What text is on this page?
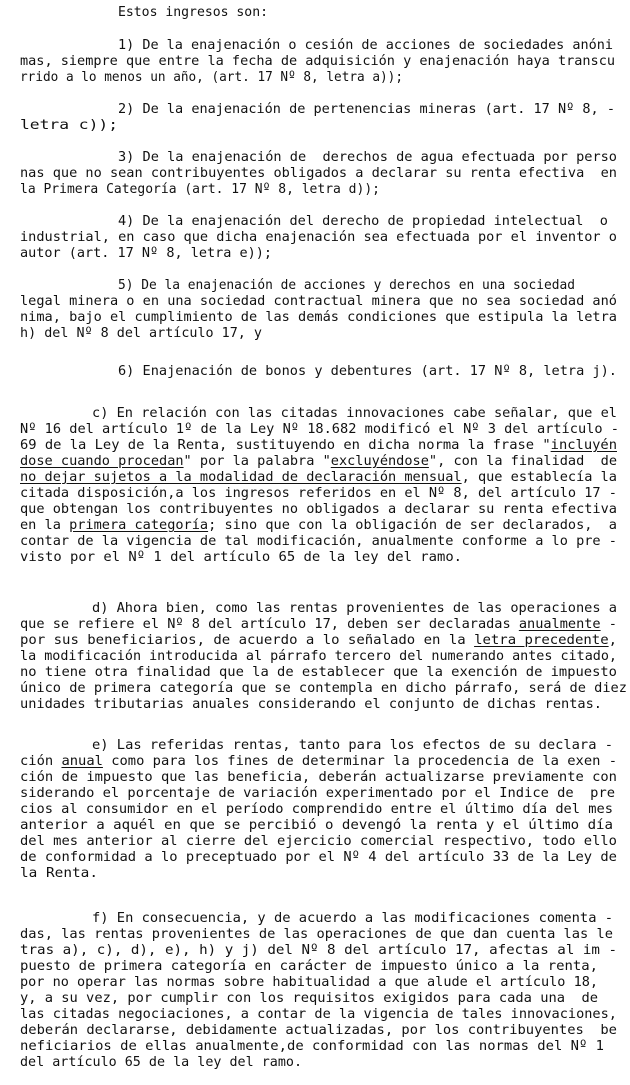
Estos ingresos son:
1) De la enajenación o cesión de acciones de sociedades anóni
mas, siempre que entre la fecha de adquisición y enajenación haya transcu
rrido a lo menos un año, (art. 17 Nº 8, letra a));
2) De la enajenación de pertenencias mineras (art. 17 Nº 8, -
letra c));
3) De la enajenación de  derechos de agua efectuada por perso
nas que no sean contribuyentes obligados a declarar su renta efectiva  en
la Primera Categoría (art. 17 Nº 8, letra d));
4) De la enajenación del derecho de propiedad intelectual  o
industrial, en caso que dicha enajenación sea efectuada por el inventor o
autor (art. 17 Nº 8, letra e));
5) De la enajenación de acciones y derechos en una sociedad
legal minera o en una sociedad contractual minera que no sea sociedad anó
nima, bajo el cumplimiento de las demás condiciones que estipula la letra
h) del Nº 8 del artículo 17, y
6) Enajenación de bonos y debentures (art. 17 Nº 8, letra j).
c) En relación con las citadas innovaciones cabe señalar, que el
Nº 16 del artículo 1º de la Ley Nº 18.682 modificó el Nº 3 del artículo -
69 de la Ley de la Renta, sustituyendo en dicha norma la frase "incluyén
dose cuando procedan" por la palabra "excluyéndose", con la finalidad  de
no dejar sujetos a la modalidad de declaración mensual, que establecía la
citada disposición,a los ingresos referidos en el Nº 8, del artículo 17 -
que obtengan los contribuyentes no obligados a declarar su renta efectiva
en la primera categoría; sino que con la obligación de ser declarados,  a
contar de la vigencia de tal modificación, anualmente conforme a lo pre -
visto por el Nº 1 del artículo 65 de la ley del ramo.
d) Ahora bien, como las rentas provenientes de las operaciones a
que se refiere el Nº 8 del artículo 17, deben ser declaradas anualmente -
por sus beneficiarios, de acuerdo a lo señalado en la letra precedente,
la modificación introducida al párrafo tercero del numerando antes citado,
no tiene otra finalidad que la de establecer que la exención de impuesto
único de primera categoría que se contempla en dicho párrafo, será de diez
unidades tributarias anuales considerando el conjunto de dichas rentas.
e) Las referidas rentas, tanto para los efectos de su declara -
ción anual como para los fines de determinar la procedencia de la exen -
ción de impuesto que las beneficia, deberán actualizarse previamente con
siderando el porcentaje de variación experimentado por el Indice de  pre
cios al consumidor en el período comprendido entre el último día del mes
anterior a aquél en que se percibió o devengó la renta y el último día
del mes anterior al cierre del ejercicio comercial respectivo, todo ello
de conformidad a lo preceptuado por el Nº 4 del artículo 33 de la Ley de
la Renta.
f) En consecuencia, y de acuerdo a las modificaciones comenta -
das, las rentas provenientes de las operaciones de que dan cuenta las le
tras a), c), d), e), h) y j) del Nº 8 del artículo 17, afectas al im -
puesto de primera categoría en carácter de impuesto único a la renta,
por no operar las normas sobre habitualidad a que alude el artículo 18,
y, a su vez, por cumplir con los requisitos exigidos para cada una  de
las citadas negociaciones, a contar de la vigencia de tales innovaciones,
deberán declararse, debidamente actualizadas, por los contribuyentes  be
neficiarios de ellas anualmente,de conformidad con las normas del Nº 1
del artículo 65 de la ley del ramo.
